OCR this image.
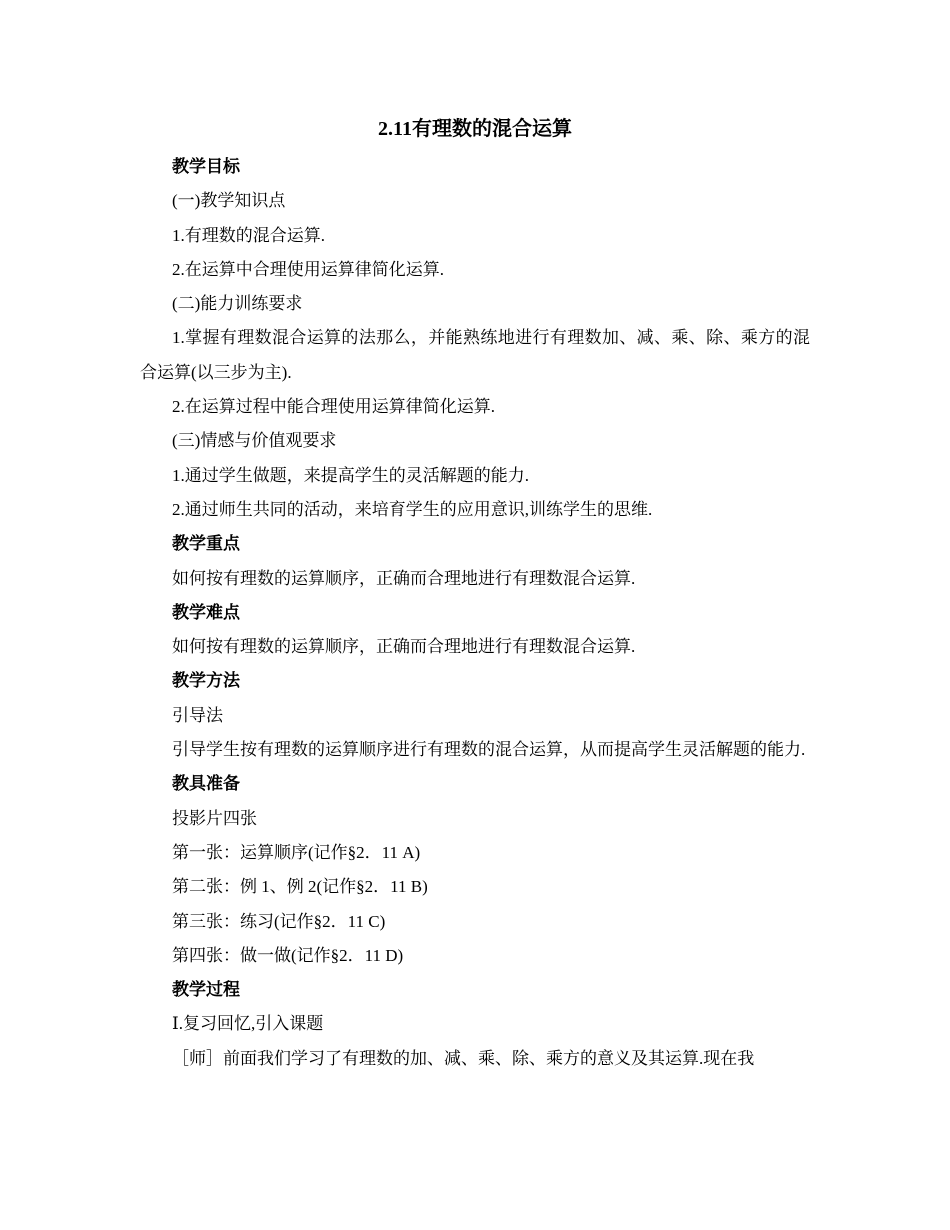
2.11有理数的混合运算
教学目标
(一)教学知识点
1.有理数的混合运算.
2.在运算中合理使用运算律简化运算.
(二)能力训练要求
1.掌握有理数混合运算的法那么，并能熟练地进行有理数加、减、乘、除、乘方的混合运算(以三步为主).
2.在运算过程中能合理使用运算律简化运算.
(三)情感与价值观要求
1.通过学生做题，来提高学生的灵活解题的能力.
2.通过师生共同的活动，来培育学生的应用意识,训练学生的思维.
教学重点
如何按有理数的运算顺序，正确而合理地进行有理数混合运算.
教学难点
如何按有理数的运算顺序，正确而合理地进行有理数混合运算.
教学方法
引导法
引导学生按有理数的运算顺序进行有理数的混合运算，从而提高学生灵活解题的能力.
教具准备
投影片四张
第一张：运算顺序(记作§2．11 A)
第二张：例 1、例 2(记作§2．11 B)
第三张：练习(记作§2．11 C)
第四张：做一做(记作§2．11 D)
教学过程
Ⅰ.复习回忆,引入课题
［师］前面我们学习了有理数的加、减、乘、除、乘方的意义及其运算.现在我
